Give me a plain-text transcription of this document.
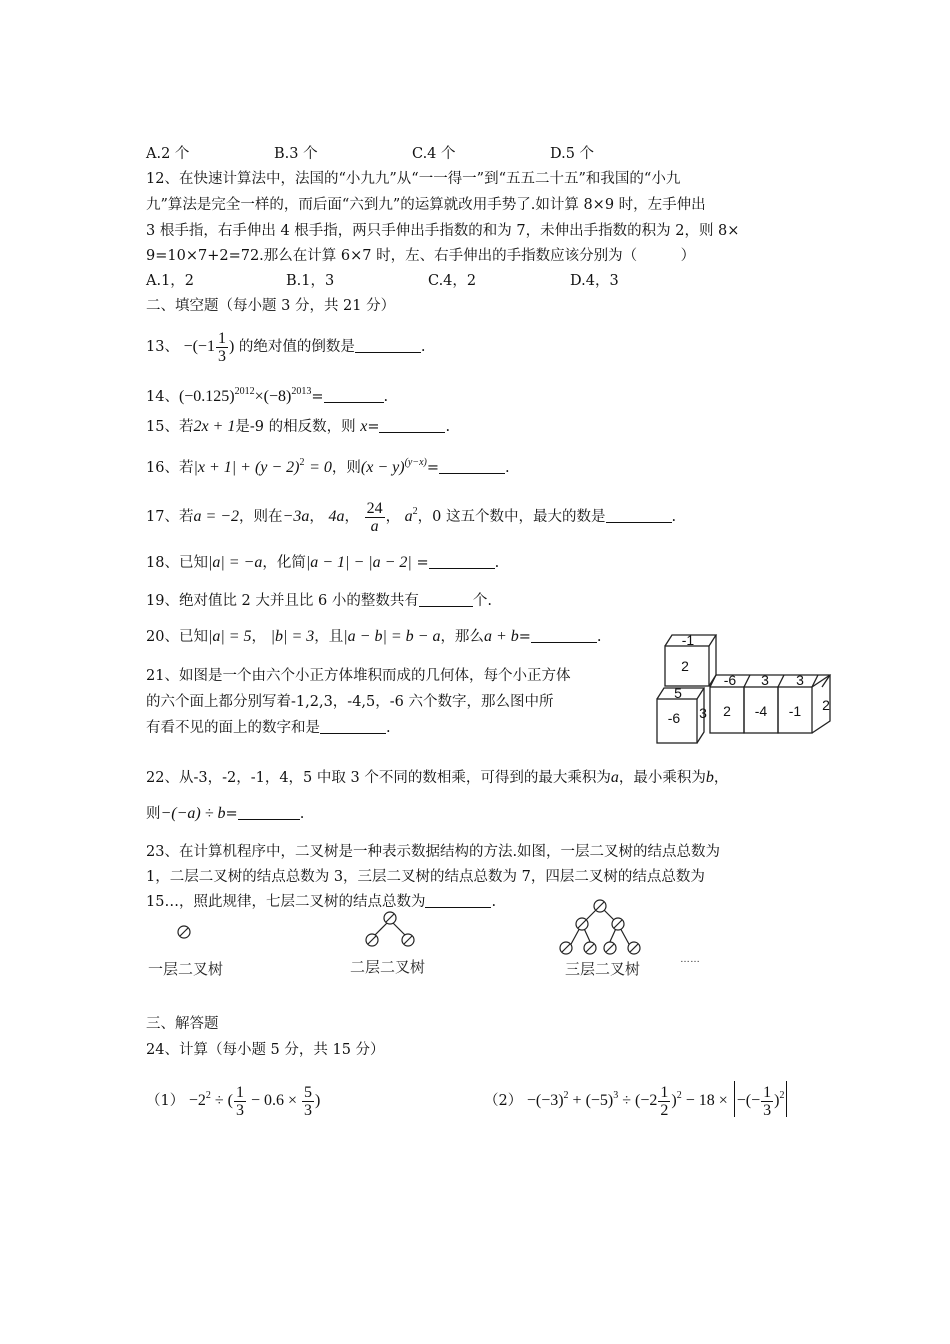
A.2 个	B.3 个	C.4 个	D.5 个
12、在快速计算法中，法国的“小九九”从“一一得一”到“五五二十五”和我国的“小九
九”算法是完全一样的，而后面“六到九”的运算就改用手势了.如计算 8×9 时，左手伸出
3 根手指，右手伸出 4 根手指，两只手伸出手指数的和为 7，未伸出手指数的积为 2，则 8×
9=10×7+2=72.那么在计算 6×7 时，左、右手伸出的手指数应该分别为（　　　）
A.1，2	B.1，3	C.4，2	D.4，3
二、填空题（每小题 3 分，共 21 分）
13、 $-(-1 \frac{1}{3}$ ) 的绝对值的倒数是	.
14、$(-0.125)^{2012}\times(-8)^{2013}=$	.
15、若2x + 1是-9 的相反数，则 x=	.
16、若$|x + 1| + (y - 2)^2 = 0$，则$(x - y)^{(y-x)}=$	.
17、若a = −2，则在−3a， 4a， $\frac{24}{a}$ ， $a^2$，0 这五个数中，最大的数是	.
18、已知|a| = −a，化简|a − 1| − |a − 2| =	.
19、绝对值比 2 大并且比 6 小的整数共有	个.
20、已知|a| = 5， |b| = 3，且|a − b| = b − a，那么a + b=	.
21、如图是一个由六个小正方体堆积而成的几何体，每个小正方体
的六个面上都分别写着-1,2,3，-4,5，-6 六个数字，那么图中所
有看不见的面上的数字和是	.
-1
2
5
-6 3
-6 3 3
2 -4 -1 2
22、从-3，-2，-1，4，5 中取 3 个不同的数相乘，可得到的最大乘积为a，最小乘积为b，
则−(−a) ÷ b=	.
23、在计算机程序中，二叉树是一种表示数据结构的方法.如图，一层二叉树的结点总数为
1，二层二叉树的结点总数为 3，三层二叉树的结点总数为 7，四层二叉树的结点总数为
15…，照此规律，七层二叉树的结点总数为	.
一层二叉树	二层二叉树	三层二叉树
……
三、解答题
24、计算（每小题 5 分，共 15 分）
$(1) -2^2$ ÷ ( $\frac{1}{3} - 0.6 \times \frac{5}{3}$ )	$(2) -(-3)^2 + (-5)^3 \div (-2 \frac{1}{2} )^2 - 18$ × −(− $\frac{1}{3} )^2$
